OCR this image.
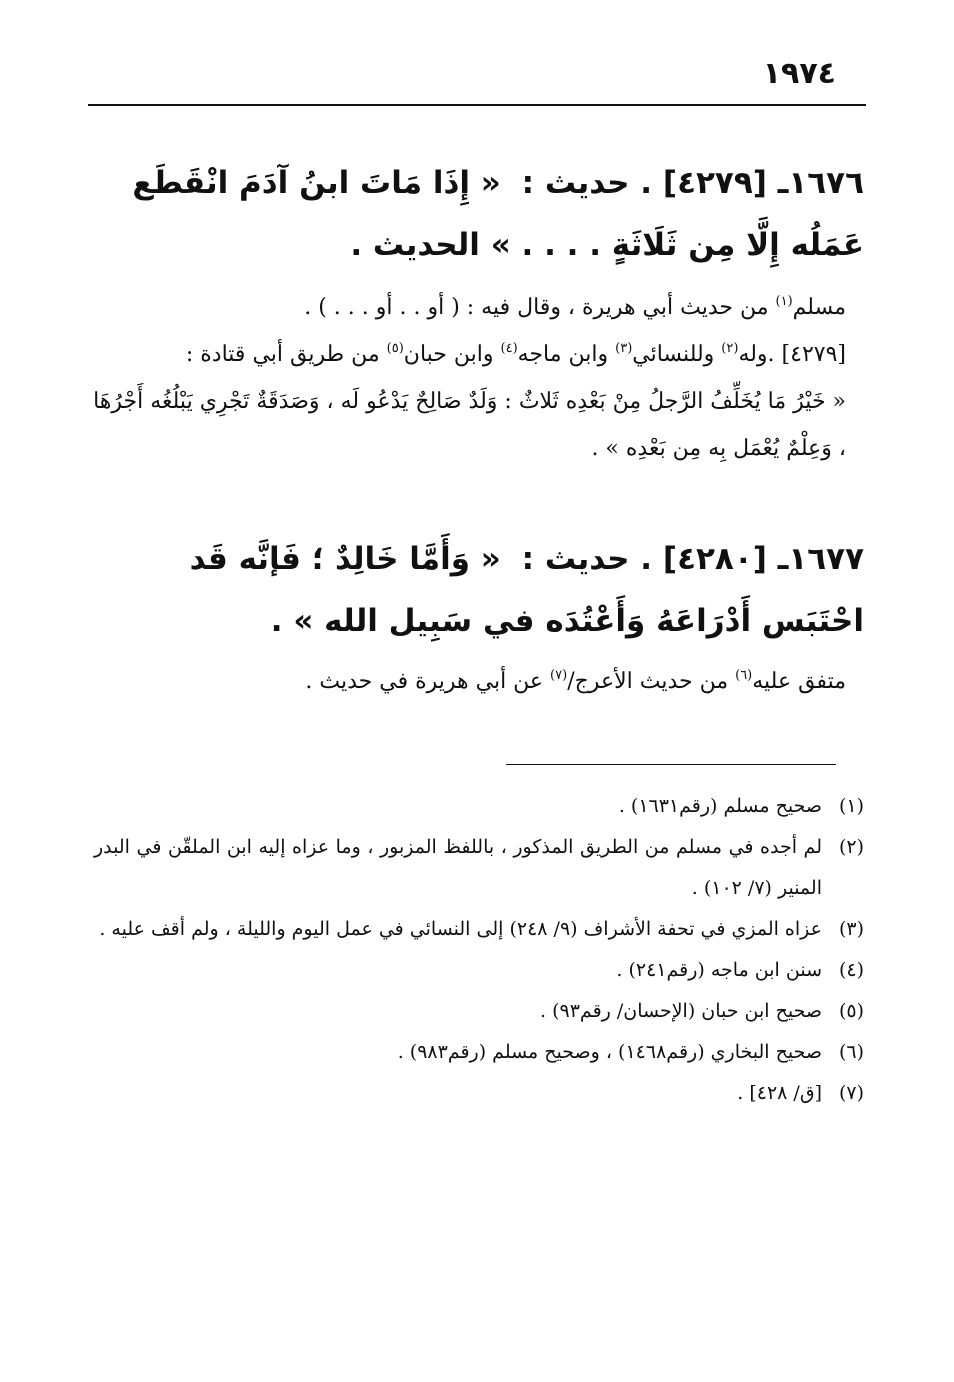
١٩٧٤

١٦٧٦ـ [٤٢٧٩] . حديث : « إِذَا مَاتَ ابنُ آدَمَ انْقَطَع عَمَلُه إِلَّا مِن ثَلَاثَةٍ . . . . » الحديث .

مسلم$^{(١)}$ من حديث أبي هريرة ، وقال فيه : ( أو . . أو . . . ) .

[٤٢٧٩] .وله$^{(٢)}$ وللنسائي$^{(٣)}$ وابن ماجه$^{(٤)}$ وابن حبان$^{(٥)}$ من طريق أبي قتادة :

« خَيْرُ مَا يُخَلِّفُ الرَّجلُ مِنْ بَعْدِه ثَلاثٌ : وَلَدٌ صَالِحٌ يَدْعُو لَه ، وَصَدَقَةٌ تَجْرِي يَبْلُغُه أَجْرُهَا ، وَعِلْمٌ يُعْمَل بِه مِن بَعْدِه » .

١٦٧٧ـ [٤٢٨٠] . حديث : « وَأَمَّا خَالِدٌ ؛ فَإنَّه قَد احْتَبَس أَدْرَاعَهُ وَأَعْتُدَه في سَبِيل الله » .

متفق عليه$^{(٦)}$ من حديث الأعرج/$^{(٧)}$ عن أبي هريرة في حديث .

(١)
صحيح مسلم (رقم١٦٣١) .
(٢)
لم أجده في مسلم من الطريق المذكور ، باللفظ المزبور ، وما عزاه إليه ابن الملقّن في البدر المنير (٧/ ١٠٢) .
(٣)
عزاه المزي في تحفة الأشراف (٩/ ٢٤٨) إلى النسائي في عمل اليوم والليلة ، ولم أقف عليه .
(٤)
سنن ابن ماجه (رقم٢٤١) .
(٥)
صحيح ابن حبان (الإحسان/ رقم٩٣) .
(٦)
صحيح البخاري (رقم١٤٦٨) ، وصحيح مسلم (رقم٩٨٣) .
(٧)
[ق/ ٤٢٨] .
